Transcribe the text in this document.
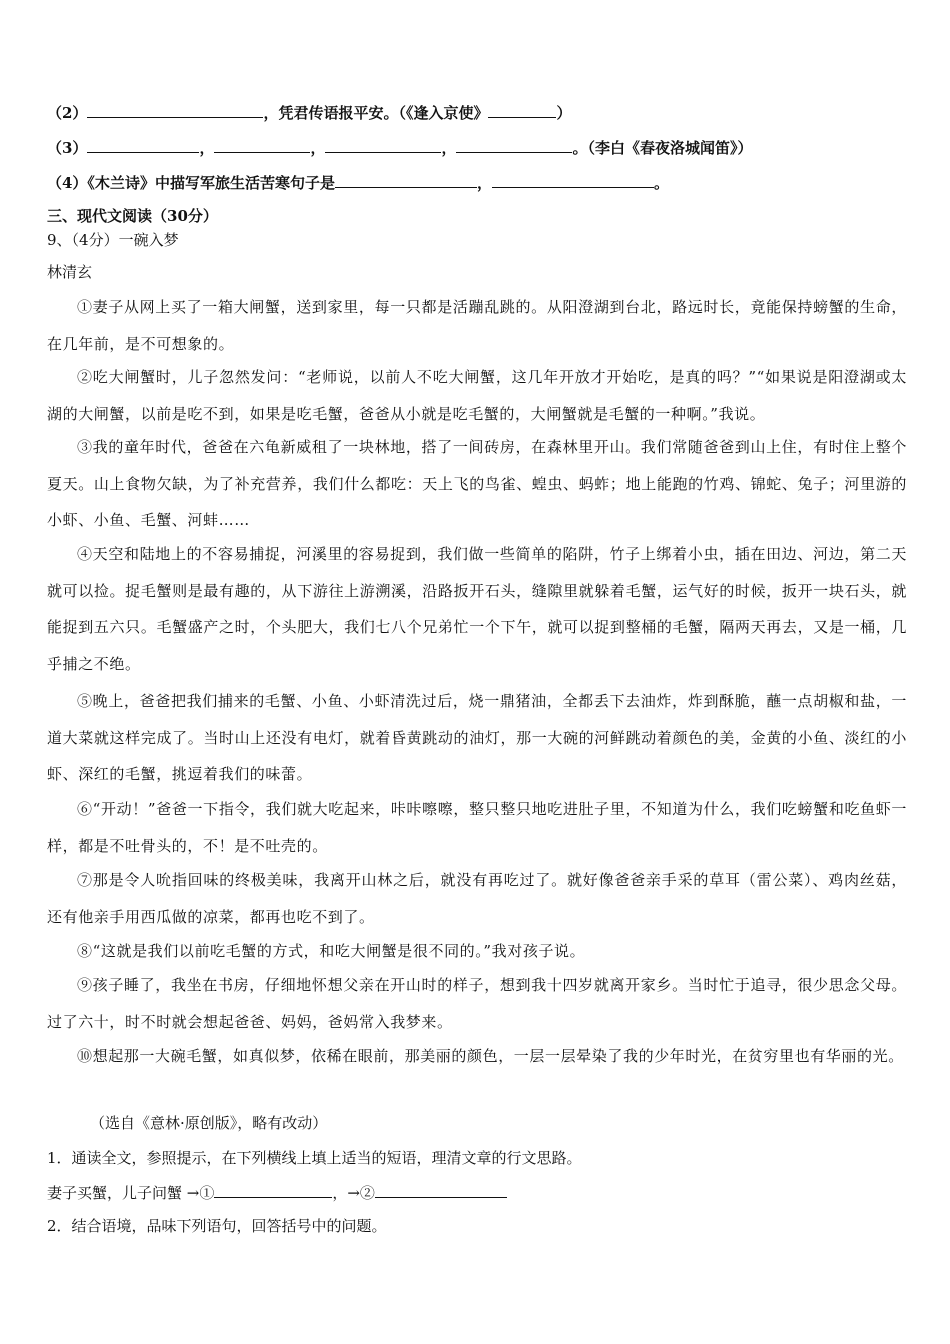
（2）	，凭君传语报平安。（《逢入京使》	）
（3）	，	，	，	。（李白《春夜洛城闻笛》）
（4）《木兰诗》中描写军旅生活苦寒句子是	，	。
三、现代文阅读（30分）
9、（4分）一碗入梦
林清玄
①妻子从网上买了一箱大闸蟹，送到家里，每一只都是活蹦乱跳的。从阳澄湖到台北，路远时长，竟能保持螃蟹的生命，在几年前，是不可想象的。
②吃大闸蟹时，儿子忽然发问：“老师说，以前人不吃大闸蟹，这几年开放才开始吃，是真的吗？”“如果说是阳澄湖或太湖的大闸蟹，以前是吃不到，如果是吃毛蟹，爸爸从小就是吃毛蟹的，大闸蟹就是毛蟹的一种啊。”我说。
③我的童年时代，爸爸在六龟新威租了一块林地，搭了一间砖房，在森林里开山。我们常随爸爸到山上住，有时住上整个夏天。山上食物欠缺，为了补充营养，我们什么都吃：天上飞的鸟雀、蝗虫、蚂蚱；地上能跑的竹鸡、锦蛇、兔子；河里游的小虾、小鱼、毛蟹、河蚌……
④天空和陆地上的不容易捕捉，河溪里的容易捉到，我们做一些简单的陷阱，竹子上绑着小虫，插在田边、河边，第二天就可以捡。捉毛蟹则是最有趣的，从下游往上游溯溪，沿路扳开石头，缝隙里就躲着毛蟹，运气好的时候，扳开一块石头，就能捉到五六只。毛蟹盛产之时，个头肥大，我们七八个兄弟忙一个下午，就可以捉到整桶的毛蟹，隔两天再去，又是一桶，几乎捕之不绝。
⑤晚上，爸爸把我们捕来的毛蟹、小鱼、小虾清洗过后，烧一鼎猪油，全都丢下去油炸，炸到酥脆，蘸一点胡椒和盐，一道大菜就这样完成了。当时山上还没有电灯，就着昏黄跳动的油灯，那一大碗的河鲜跳动着颜色的美，金黄的小鱼、淡红的小虾、深红的毛蟹，挑逗着我们的味蕾。
⑥“开动！”爸爸一下指令，我们就大吃起来，咔咔嚓嚓，整只整只地吃进肚子里，不知道为什么，我们吃螃蟹和吃鱼虾一样，都是不吐骨头的，不！是不吐壳的。
⑦那是令人吮指回味的终极美味，我离开山林之后，就没有再吃过了。就好像爸爸亲手采的草耳（雷公菜）、鸡肉丝菇，还有他亲手用西瓜做的凉菜，都再也吃不到了。
⑧“这就是我们以前吃毛蟹的方式，和吃大闸蟹是很不同的。”我对孩子说。
⑨孩子睡了，我坐在书房，仔细地怀想父亲在开山时的样子，想到我十四岁就离开家乡。当时忙于追寻，很少思念父母。过了六十，时不时就会想起爸爸、妈妈，爸妈常入我梦来。
⑩想起那一大碗毛蟹，如真似梦，依稀在眼前，那美丽的颜色，一层一层晕染了我的少年时光，在贫穷里也有华丽的光。
（选自《意林·原创版》，略有改动）
1．通读全文，参照提示，在下列横线上填上适当的短语，理清文章的行文思路。
妻子买蟹，儿子问蟹 →①	，→②
2．结合语境，品味下列语句，回答括号中的问题。
